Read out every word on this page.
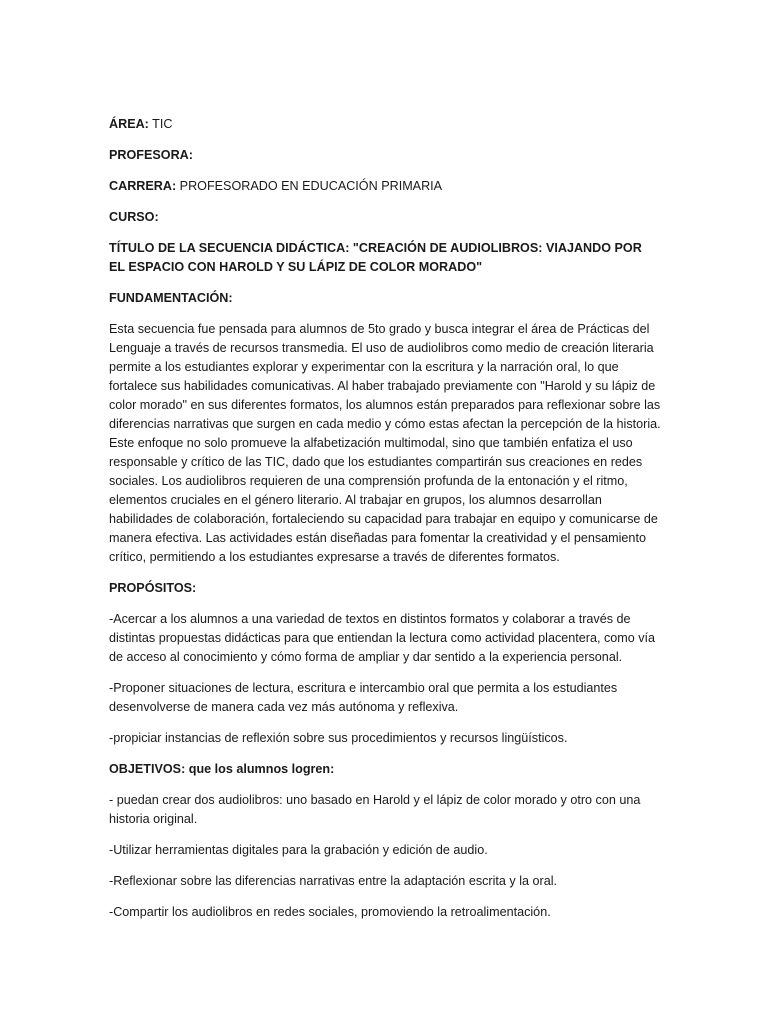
ÁREA: TIC
PROFESORA:
CARRERA: PROFESORADO EN EDUCACIÓN PRIMARIA
CURSO:
TÍTULO DE LA SECUENCIA DIDÁCTICA: "CREACIÓN DE AUDIOLIBROS: VIAJANDO POR EL ESPACIO CON HAROLD Y SU LÁPIZ DE COLOR MORADO"
FUNDAMENTACIÓN:
Esta secuencia fue pensada para alumnos de 5to grado y busca integrar el área de Prácticas del Lenguaje a través de recursos transmedia. El uso de audiolibros como medio de creación literaria permite a los estudiantes explorar y experimentar con la escritura y la narración oral, lo que fortalece sus habilidades comunicativas. Al haber trabajado previamente con "Harold y su lápiz de color morado" en sus diferentes formatos, los alumnos están preparados para reflexionar sobre las diferencias narrativas que surgen en cada medio y cómo estas afectan la percepción de la historia. Este enfoque no solo promueve la alfabetización multimodal, sino que también enfatiza el uso responsable y crítico de las TIC, dado que los estudiantes compartirán sus creaciones en redes sociales. Los audiolibros requieren de una comprensión profunda de la entonación y el ritmo, elementos cruciales en el género literario. Al trabajar en grupos, los alumnos desarrollan habilidades de colaboración, fortaleciendo su capacidad para trabajar en equipo y comunicarse de manera efectiva. Las actividades están diseñadas para fomentar la creatividad y el pensamiento crítico, permitiendo a los estudiantes expresarse a través de diferentes formatos.
PROPÓSITOS:
-Acercar a los alumnos a una variedad de textos en distintos formatos y colaborar a través de distintas propuestas didácticas para que entiendan la lectura como actividad placentera, como vía de acceso al conocimiento y cómo forma de ampliar y dar sentido a la experiencia personal.
-Proponer situaciones de lectura, escritura e intercambio oral que permita a los estudiantes desenvolverse de manera cada vez más autónoma y reflexiva.
-propiciar instancias de reflexión sobre sus procedimientos y recursos lingüísticos.
OBJETIVOS: que los alumnos logren:
- puedan crear dos audiolibros: uno basado en Harold y el lápiz de color morado y otro con una historia original.
-Utilizar herramientas digitales para la grabación y edición de audio.
-Reflexionar sobre las diferencias narrativas entre la adaptación escrita y la oral.
-Compartir los audiolibros en redes sociales, promoviendo la retroalimentación.
